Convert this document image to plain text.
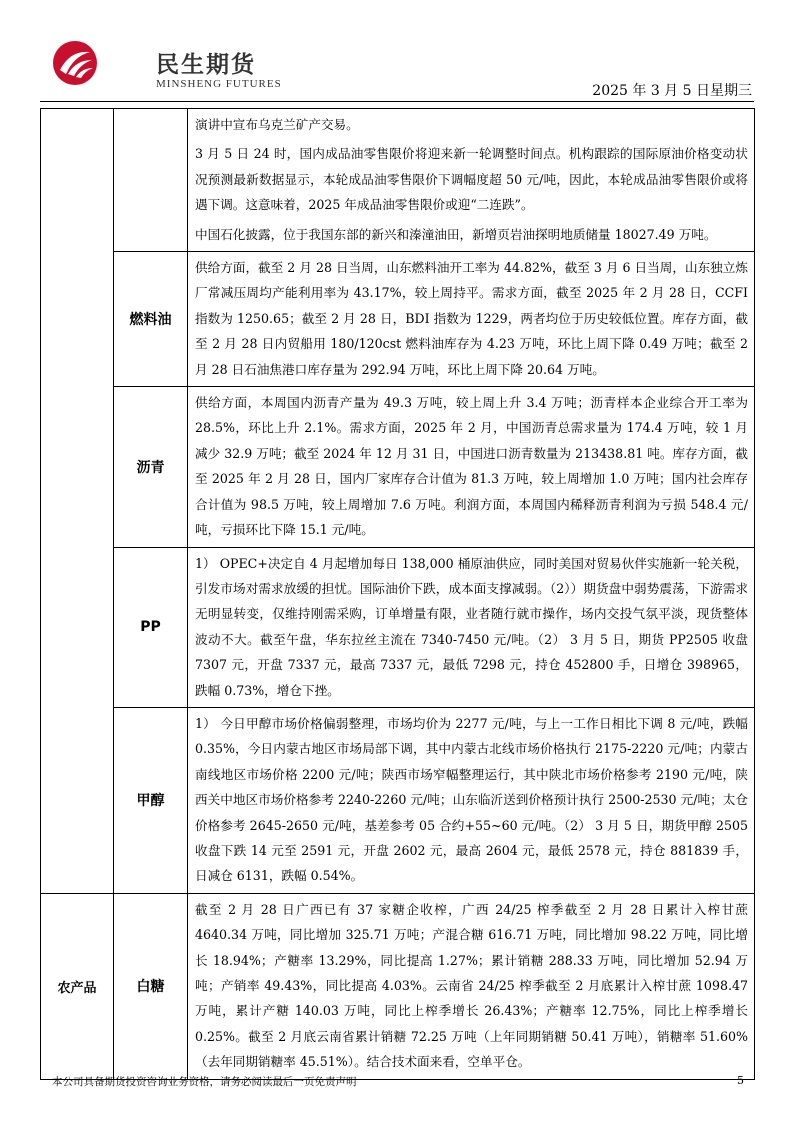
民生期货
MINSHENG FUTURES	2025 年 3 月 5 日星期三

		演讲中宣布乌克兰矿产交易。

3 月 5 日 24 时，国内成品油零售限价将迎来新一轮调整时间点。机构跟踪的国际原油价格变动状况预测最新数据显示，本轮成品油零售限价下调幅度超 50 元/吨，因此，本轮成品油零售限价或将遇下调。这意味着，2025 年成品油零售限价或迎“二连跌”。

中国石化披露，位于我国东部的新兴和溱潼油田，新增页岩油探明地质储量 18027.49 万吨。

	燃料油	供给方面，截至 2 月 28 日当周，山东燃料油开工率为 44.82%，截至 3 月 6 日当周，山东独立炼厂常减压周均产能利用率为 43.17%，较上周持平。需求方面，截至 2025 年 2 月 28 日，CCFI 指数为 1250.65；截至 2 月 28 日，BDI 指数为 1229，两者均位于历史较低位置。库存方面，截至 2 月 28 日内贸船用 180/120cst 燃料油库存为 4.23 万吨，环比上周下降 0.49 万吨；截至 2 月 28 日石油焦港口库存量为 292.94 万吨，环比上周下降 20.64 万吨。

	沥青	供给方面，本周国内沥青产量为 49.3 万吨，较上周上升 3.4 万吨；沥青样本企业综合开工率为 28.5%，环比上升 2.1%。需求方面，2025 年 2 月，中国沥青总需求量为 174.4 万吨，较 1 月减少 32.9 万吨；截至 2024 年 12 月 31 日，中国进口沥青数量为 213438.81 吨。库存方面，截至 2025 年 2 月 28 日，国内厂家库存合计值为 81.3 万吨，较上周增加 1.0 万吨；国内社会库存合计值为 98.5 万吨，较上周增加 7.6 万吨。利润方面，本周国内稀释沥青利润为亏损 548.4 元/吨，亏损环比下降 15.1 元/吨。

	PP	1） OPEC+决定自 4 月起增加每日 138,000 桶原油供应，同时美国对贸易伙伴实施新一轮关税，引发市场对需求放缓的担忧。国际油价下跌，成本面支撑减弱。（2））期货盘中弱势震荡，下游需求无明显转变，仅维持刚需采购，订单增量有限，业者随行就市操作，场内交投气氛平淡，现货整体波动不大。截至午盘，华东拉丝主流在 7340-7450 元/吨。（2） 3 月 5 日，期货 PP2505 收盘 7307 元，开盘 7337 元，最高 7337 元，最低 7298 元，持仓 452800 手，日增仓 398965，跌幅 0.73%，增仓下挫。

	甲醇	1） 今日甲醇市场价格偏弱整理，市场均价为 2277 元/吨，与上一工作日相比下调 8 元/吨，跌幅 0.35%，今日内蒙古地区市场局部下调，其中内蒙古北线市场价格执行 2175-2220 元/吨；内蒙古南线地区市场价格 2200 元/吨；陕西市场窄幅整理运行，其中陕北市场价格参考 2190 元/吨，陕西关中地区市场价格参考 2240-2260 元/吨；山东临沂送到价格预计执行 2500-2530 元/吨；太仓价格参考 2645-2650 元/吨，基差参考 05 合约+55~60 元/吨。（2） 3 月 5 日，期货甲醇 2505 收盘下跌 14 元至 2591 元，开盘 2602 元，最高 2604 元，最低 2578 元，持仓 881839 手，日减仓 6131，跌幅 0.54%。

农产品	白糖	截至 2 月 28 日广西已有 37 家糖企收榨，广西 24/25 榨季截至 2 月 28 日累计入榨甘蔗 4640.34 万吨，同比增加 325.71 万吨；产混合糖 616.71 万吨，同比增加 98.22 万吨，同比增长 18.94%；产糖率 13.29%，同比提高 1.27%；累计销糖 288.33 万吨，同比增加 52.94 万吨；产销率 49.43%，同比提高 4.03%。云南省 24/25 榨季截至 2 月底累计入榨甘蔗 1098.47 万吨，累计产糖 140.03 万吨，同比上榨季增长 26.43%；产糖率 12.75%，同比上榨季增长 0.25%。截至 2 月底云南省累计销糖 72.25 万吨（上年同期销糖 50.41 万吨），销糖率 51.60%（去年同期销糖率 45.51%）。结合技术面来看，空单平仓。

本公司具备期货投资咨询业务资格，请务必阅读最后一页免责声明	5
